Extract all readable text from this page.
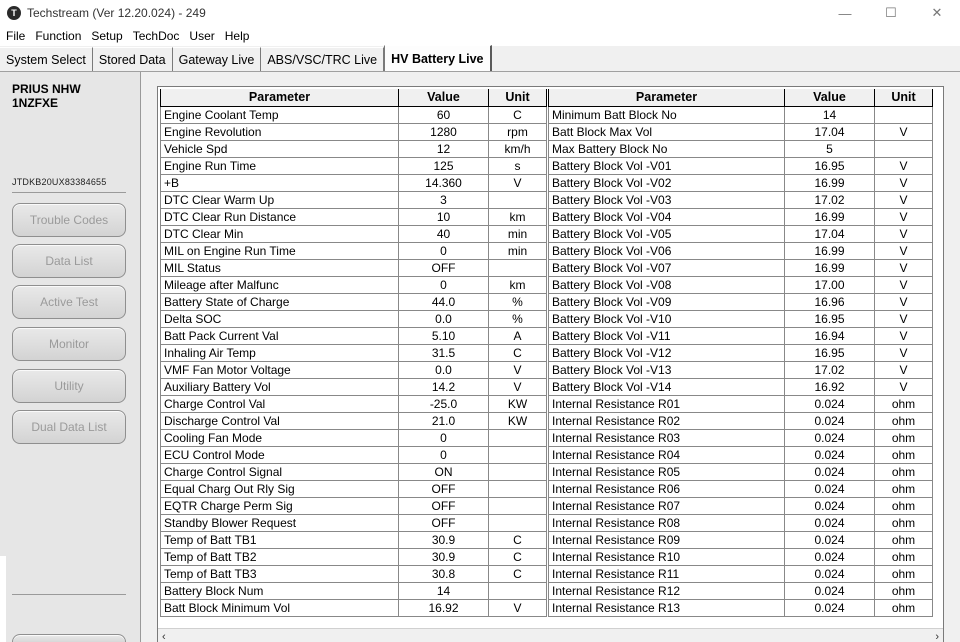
T Techstream (Ver 12.20.024) - 249	—	☐	✕
File Function Setup TechDoc User Help
System Select	Stored Data	Gateway Live	ABS/VSC/TRC Live	HV Battery Live
PRIUS NHW
1NZFXE
JTDKB20UX83384655
Trouble Codes
Data List
Active Test
Monitor
Utility
Dual Data List
Parameter	Value	Unit
Engine Coolant Temp	60	C
Engine Revolution	1280	rpm
Vehicle Spd	12	km/h
Engine Run Time	125	s
+B	14.360	V
DTC Clear Warm Up	3	
DTC Clear Run Distance	10	km
DTC Clear Min	40	min
MIL on Engine Run Time	0	min
MIL Status	OFF	
Mileage after Malfunc	0	km
Battery State of Charge	44.0	%
Delta SOC	0.0	%
Batt Pack Current Val	5.10	A
Inhaling Air Temp	31.5	C
VMF Fan Motor Voltage	0.0	V
Auxiliary Battery Vol	14.2	V
Charge Control Val	-25.0	KW
Discharge Control Val	21.0	KW
Cooling Fan Mode	0	
ECU Control Mode	0	
Charge Control Signal	ON	
Equal Charg Out Rly Sig	OFF	
EQTR Charge Perm Sig	OFF	
Standby Blower Request	OFF	
Temp of Batt TB1	30.9	C
Temp of Batt TB2	30.9	C
Temp of Batt TB3	30.8	C
Battery Block Num	14	
Batt Block Minimum Vol	16.92	V
Parameter	Value	Unit
Minimum Batt Block No	14	
Batt Block Max Vol	17.04	V
Max Battery Block No	5	
Battery Block Vol -V01	16.95	V
Battery Block Vol -V02	16.99	V
Battery Block Vol -V03	17.02	V
Battery Block Vol -V04	16.99	V
Battery Block Vol -V05	17.04	V
Battery Block Vol -V06	16.99	V
Battery Block Vol -V07	16.99	V
Battery Block Vol -V08	17.00	V
Battery Block Vol -V09	16.96	V
Battery Block Vol -V10	16.95	V
Battery Block Vol -V11	16.94	V
Battery Block Vol -V12	16.95	V
Battery Block Vol -V13	17.02	V
Battery Block Vol -V14	16.92	V
Internal Resistance R01	0.024	ohm
Internal Resistance R02	0.024	ohm
Internal Resistance R03	0.024	ohm
Internal Resistance R04	0.024	ohm
Internal Resistance R05	0.024	ohm
Internal Resistance R06	0.024	ohm
Internal Resistance R07	0.024	ohm
Internal Resistance R08	0.024	ohm
Internal Resistance R09	0.024	ohm
Internal Resistance R10	0.024	ohm
Internal Resistance R11	0.024	ohm
Internal Resistance R12	0.024	ohm
Internal Resistance R13	0.024	ohm
‹	›
